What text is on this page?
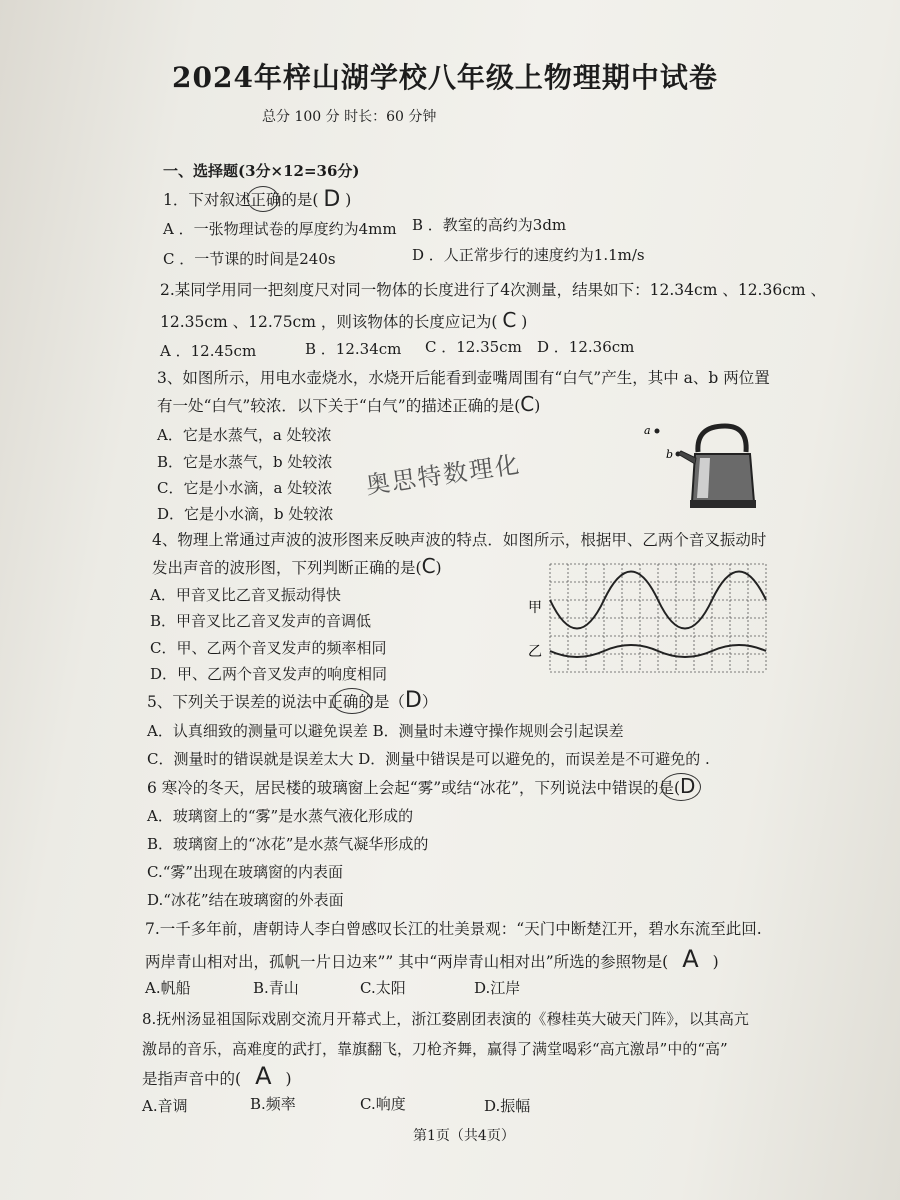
2024年梓山湖学校八年级上物理期中试卷
总分 100 分 时长：60 分钟
一、选择题(3分×12=36分)
1．下对叙述正确的是( D )
A ．一张物理试卷的厚度约为4mm B ．教室的高约为3dm
C ．一节课的时间是240s	D ．人正常步行的速度约为1.1m/s
2.某同学用同一把刻度尺对同一物体的长度进行了4次测量，结果如下：12.34cm 、12.36cm 、
12.35cm 、12.75cm ，则该物体的长度应记为( C )
A ．12.45cm	B ．12.34cm C ．12.35cm D ．12.36cm
3、如图所示，用电水壶烧水，水烧开后能看到壶嘴周围有“白气”产生，其中 a、b 两位置
有一处“白气”较浓．以下关于“白气”的描述正确的是(C)
A．它是水蒸气，a 处较浓
B．它是水蒸气，b 处较浓
C．它是小水滴，a 处较浓
D．它是小水滴，b 处较浓
a
b
奥思特数理化
4、物理上常通过声波的波形图来反映声波的特点．如图所示，根据甲、乙两个音叉振动时
发出声音的波形图，下列判断正确的是(C)
A．甲音叉比乙音叉振动得快
B．甲音叉比乙音叉发声的音调低
C．甲、乙两个音叉发声的频率相同
D．甲、乙两个音叉发声的响度相同
甲
乙
5、下列关于误差的说法中正确的是（D）
A．认真细致的测量可以避免误差 B．测量时未遵守操作规则会引起误差
C．测量时的错误就是误差太大 D．测量中错误是可以避免的，而误差是不可避免的 .
6 寒冷的冬天，居民楼的玻璃窗上会起“雾”或结“冰花”，下列说法中错误的是(D
A．玻璃窗上的“雾”是水蒸气液化形成的
B．玻璃窗上的“冰花”是水蒸气凝华形成的
C.“雾”出现在玻璃窗的内表面
D.“冰花”结在玻璃窗的外表面
7.一千多年前，唐朝诗人李白曾感叹长江的壮美景观：“天门中断楚江开，碧水东流至此回.
两岸青山相对出，孤帆一片日边来”” 其中“两岸青山相对出”所选的参照物是( A )
A.帆船	B.青山	C.太阳	D.江岸
8.抚州汤显祖国际戏剧交流月开幕式上，浙江婺剧团表演的《穆桂英大破天门阵》，以其高亢
激昂的音乐，高难度的武打，靠旗翻飞，刀枪齐舞，赢得了满堂喝彩“高亢激昂”中的“高”
是指声音中的( A )
A.音调	B.频率	C.响度	D.振幅
第1页（共4页）
